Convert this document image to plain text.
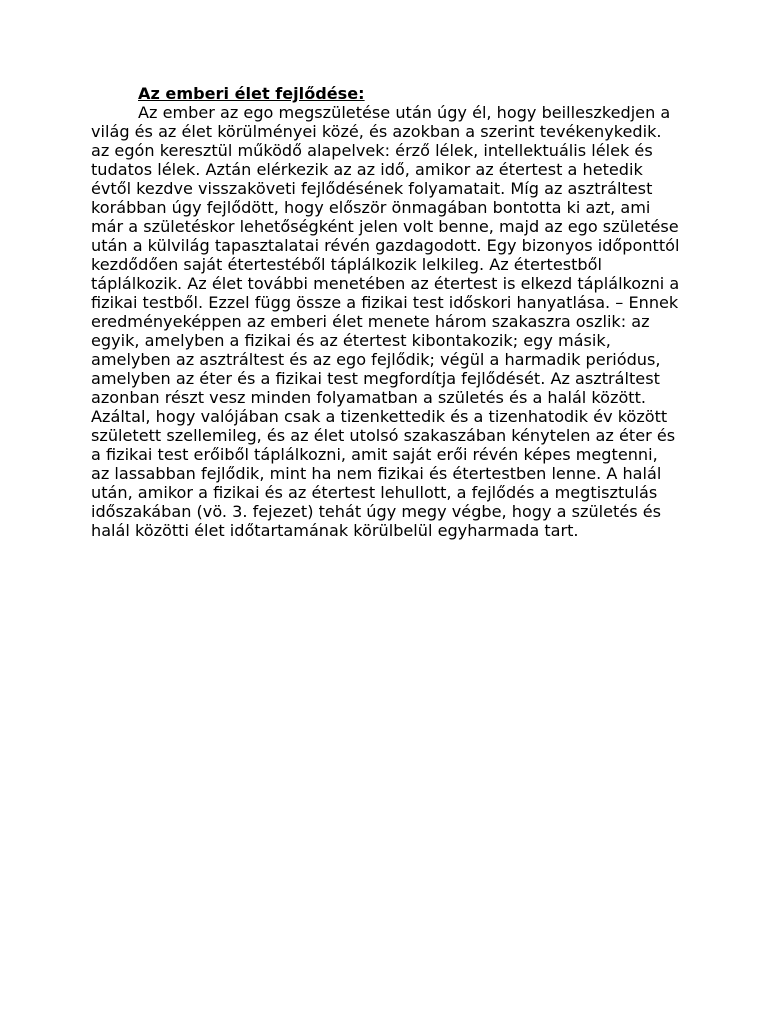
Az emberi élet fejlődése:

Az ember az ego megszületése után úgy él, hogy beilleszkedjen a világ és az élet körülményei közé, és azokban a szerint tevékenykedik. az egón keresztül működő alapelvek: érző lélek, intellektuális lélek és tudatos lélek. Aztán elérkezik az az idő, amikor az étertest a hetedik évtől kezdve visszaköveti fejlődésének folyamatait. Míg az asztráltest korábban úgy fejlődött, hogy először önmagában bontotta ki azt, ami már a születéskor lehetőségként jelen volt benne, majd az ego születése után a külvilág tapasztalatai révén gazdagodott. Egy bizonyos időponttól kezdődően saját étertestéből táplálkozik lelkileg. Az étertestből táplálkozik. Az élet további menetében az étertest is elkezd táplálkozni a fizikai testből. Ezzel függ össze a fizikai test időskori hanyatlása. – Ennek eredményeképpen az emberi élet menete három szakaszra oszlik: az egyik, amelyben a fizikai és az étertest kibontakozik; egy másik, amelyben az asztráltest és az ego fejlődik; végül a harmadik periódus, amelyben az éter és a fizikai test megfordítja fejlődését. Az asztráltest azonban részt vesz minden folyamatban a születés és a halál között. Azáltal, hogy valójában csak a tizenkettedik és a tizenhatodik év között született szellemileg, és az élet utolsó szakaszában kénytelen az éter és a fizikai test erőiből táplálkozni, amit saját erői révén képes megtenni, az lassabban fejlődik, mint ha nem fizikai és étertestben lenne. A halál után, amikor a fizikai és az étertest lehullott, a fejlődés a megtisztulás időszakában (vö. 3. fejezet) tehát úgy megy végbe, hogy a születés és halál közötti élet időtartamának körülbelül egyharmada tart.
